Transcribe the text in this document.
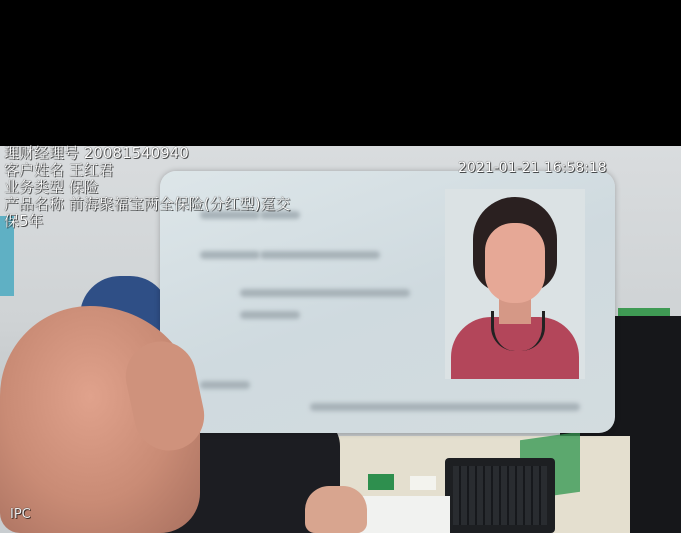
理财经理号 20081540940
客户姓名 王红君
业务类型 保险
产品名称 前海聚福宝两全保险(分红型)趸交
保5年
2021-01-21 16:58:18
IPC
